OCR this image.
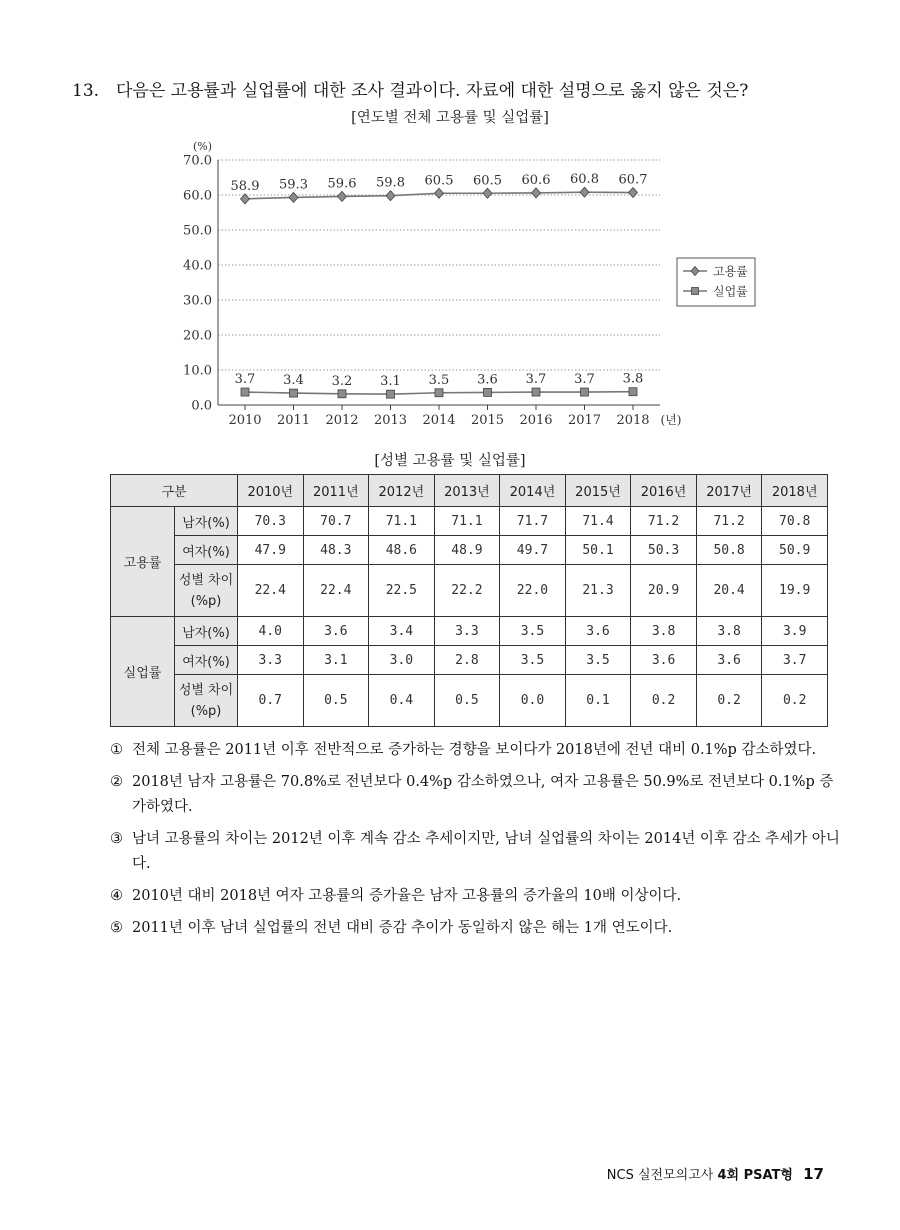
13. 다음은 고용률과 실업률에 대한 조사 결과이다. 자료에 대한 설명으로 옳지 않은 것은?
[연도별 전체 고용률 및 실업률]
0.0
10.0
20.0
30.0
40.0
50.0
60.0
70.0
(%)
2010 2011 2012 2013 2014 2015 2016 2017 2018 (년)
58.9 59.3 59.6 59.8 60.5 60.5 60.6 60.8 60.7
3.7 3.4 3.2 3.1 3.5 3.6 3.7 3.7 3.8
고용률
실업률
[성별 고용률 및 실업률]
구분		2010년	2011년	2012년	2013년	2014년	2015년	2016년	2017년	2018년
고용률	남자(%)	70.3	70.7	71.1	71.1	71.7	71.4	71.2	71.2	70.8
	여자(%)	47.9	48.3	48.6	48.9	49.7	50.1	50.3	50.8	50.9
	성별 차이
(%p)	22.4	22.4	22.5	22.2	22.0	21.3	20.9	20.4	19.9
실업률	남자(%)	4.0	3.6	3.4	3.3	3.5	3.6	3.8	3.8	3.9
	여자(%)	3.3	3.1	3.0	2.8	3.5	3.5	3.6	3.6	3.7
	성별 차이
(%p)	0.7	0.5	0.4	0.5	0.0	0.1	0.2	0.2	0.2
① 전체 고용률은 2011년 이후 전반적으로 증가하는 경향을 보이다가 2018년에 전년 대비 0.1%p 감소하였다.
② 2018년 남자 고용률은 70.8%로 전년보다 0.4%p 감소하였으나, 여자 고용률은 50.9%로 전년보다 0.1%p 증가하였다.
③ 남녀 고용률의 차이는 2012년 이후 계속 감소 추세이지만, 남녀 실업률의 차이는 2014년 이후 감소 추세가 아니다.
④ 2010년 대비 2018년 여자 고용률의 증가율은 남자 고용률의 증가율의 10배 이상이다.
⑤ 2011년 이후 남녀 실업률의 전년 대비 증감 추이가 동일하지 않은 해는 1개 연도이다.
NCS 실전모의고사 4회 PSAT형 17
